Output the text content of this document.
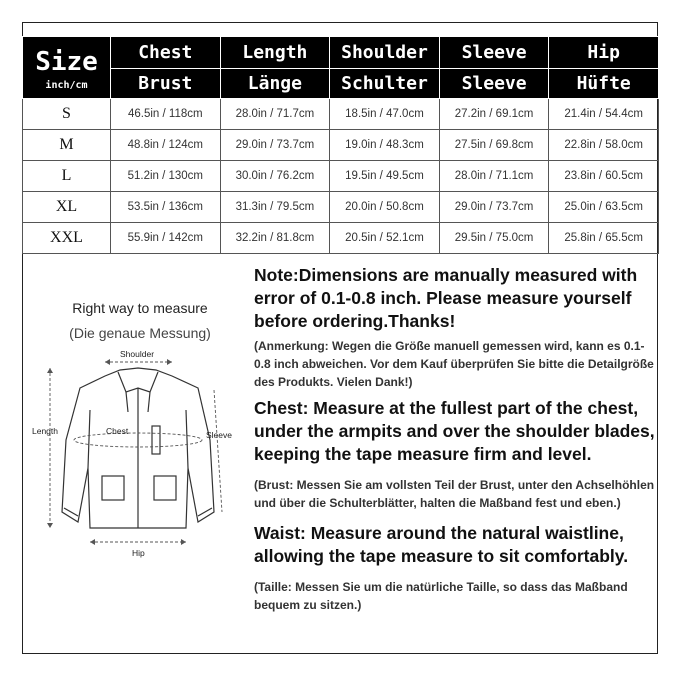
Size
inch/cm	Chest	Length	Shoulder	Sleeve	Hip
	Brust	Länge	Schulter	Sleeve	Hüfte
S	46.5in / 118cm	28.0in / 71.7cm	18.5in / 47.0cm	27.2in / 69.1cm	21.4in / 54.4cm
M	48.8in / 124cm	29.0in / 73.7cm	19.0in / 48.3cm	27.5in / 69.8cm	22.8in / 58.0cm
L	51.2in / 130cm	30.0in / 76.2cm	19.5in / 49.5cm	28.0in / 71.1cm	23.8in / 60.5cm
XL	53.5in / 136cm	31.3in / 79.5cm	20.0in / 50.8cm	29.0in / 73.7cm	25.0in / 63.5cm
XXL	55.9in / 142cm	32.2in / 81.8cm	20.5in / 52.1cm	29.5in / 75.0cm	25.8in / 65.5cm
Right way to measure
(Die genaue Messung)
Shoulder
Length	Chest	Sleeve
Hip

Note:Dimensions are manually measured with error of 0.1-0.8 inch. Please measure yourself before ordering.Thanks!

(Anmerkung: Wegen die Größe manuell gemessen wird, kann es 0.1-0.8 inch abweichen. Vor dem Kauf überprüfen Sie bitte die Detailgröße des Produkts. Vielen Dank!)

Chest: Measure at the fullest part of the chest, under the armpits and over the shoulder blades, keeping the tape measure firm and level.

(Brust: Messen Sie am vollsten Teil der Brust, unter den Achselhöhlen und über die Schulterblätter, halten die Maßband fest und eben.)

Waist: Measure around the natural waistline, allowing the tape measure to sit comfortably.

(Taille: Messen Sie um die natürliche Taille, so dass das Maßband bequem zu sitzen.)
